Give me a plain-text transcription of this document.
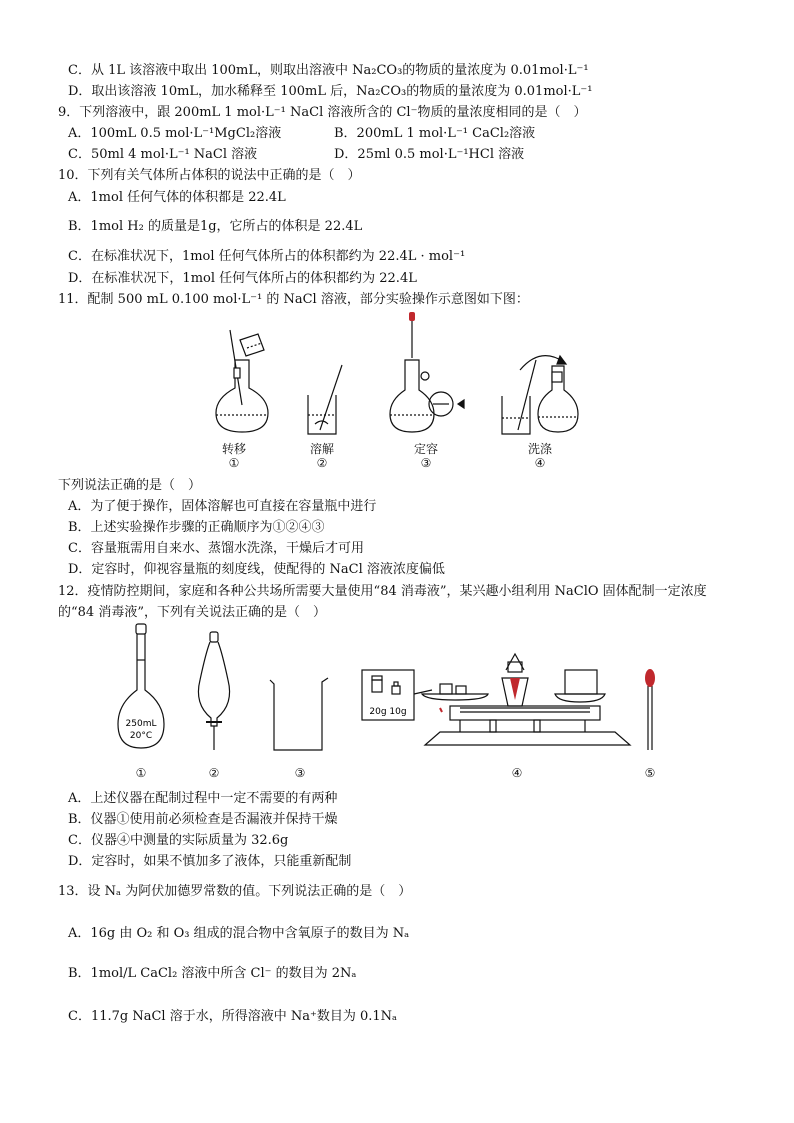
C．从 1L 该溶液中取出 100mL，则取出溶液中 Na₂CO₃的物质的量浓度为 0.01mol·L⁻¹
D．取出该溶液 10mL，加水稀释至 100mL 后，Na₂CO₃的物质的量浓度为 0.01mol·L⁻¹
9．下列溶液中，跟 200mL 1 mol·L⁻¹ NaCl 溶液所含的 Cl⁻物质的量浓度相同的是（　）
A．100mL 0.5 mol·L⁻¹MgCl₂溶液	B．200mL 1 mol·L⁻¹ CaCl₂溶液
C．50ml 4 mol·L⁻¹ NaCl 溶液	D．25ml 0.5 mol·L⁻¹HCl 溶液
10．下列有关气体所占体积的说法中正确的是（　）
A．1mol 任何气体的体积都是 22.4L
B．1mol H₂ 的质量是1g，它所占的体积是 22.4L
C．在标准状况下，1mol 任何气体所占的体积都约为 22.4L · mol⁻¹
D．在标准状况下，1mol 任何气体所占的体积都约为 22.4L
11．配制 500 mL 0.100 mol·L⁻¹ 的 NaCl 溶液，部分实验操作示意图如下图：
转移	溶解	定容	洗涤
①	②	③	④
下列说法正确的是（　）
A．为了便于操作，固体溶解也可直接在容量瓶中进行
B．上述实验操作步骤的正确顺序为①②④③
C．容量瓶需用自来水、蒸馏水洗涤，干燥后才可用
D．定容时，仰视容量瓶的刻度线，使配得的 NaCl 溶液浓度偏低
12．疫情防控期间，家庭和各种公共场所需要大量使用“84 消毒液”，某兴趣小组利用 NaClO 固体配制一定浓度
的“84 消毒液”，下列有关说法正确的是（　）
250mL
20°C
20g 10g
①	②	③	④	⑤
A．上述仪器在配制过程中一定不需要的有两种
B．仪器①使用前必须检查是否漏液并保持干燥
C．仪器④中测量的实际质量为 32.6g
D．定容时，如果不慎加多了液体，只能重新配制
13．设 Nₐ 为阿伏加德罗常数的值。下列说法正确的是（　）
A．16g 由 O₂ 和 O₃ 组成的混合物中含氧原子的数目为 Nₐ
B．1mol/L CaCl₂ 溶液中所含 Cl⁻ 的数目为 2Nₐ
C．11.7g NaCl 溶于水，所得溶液中 Na⁺数目为 0.1Nₐ
